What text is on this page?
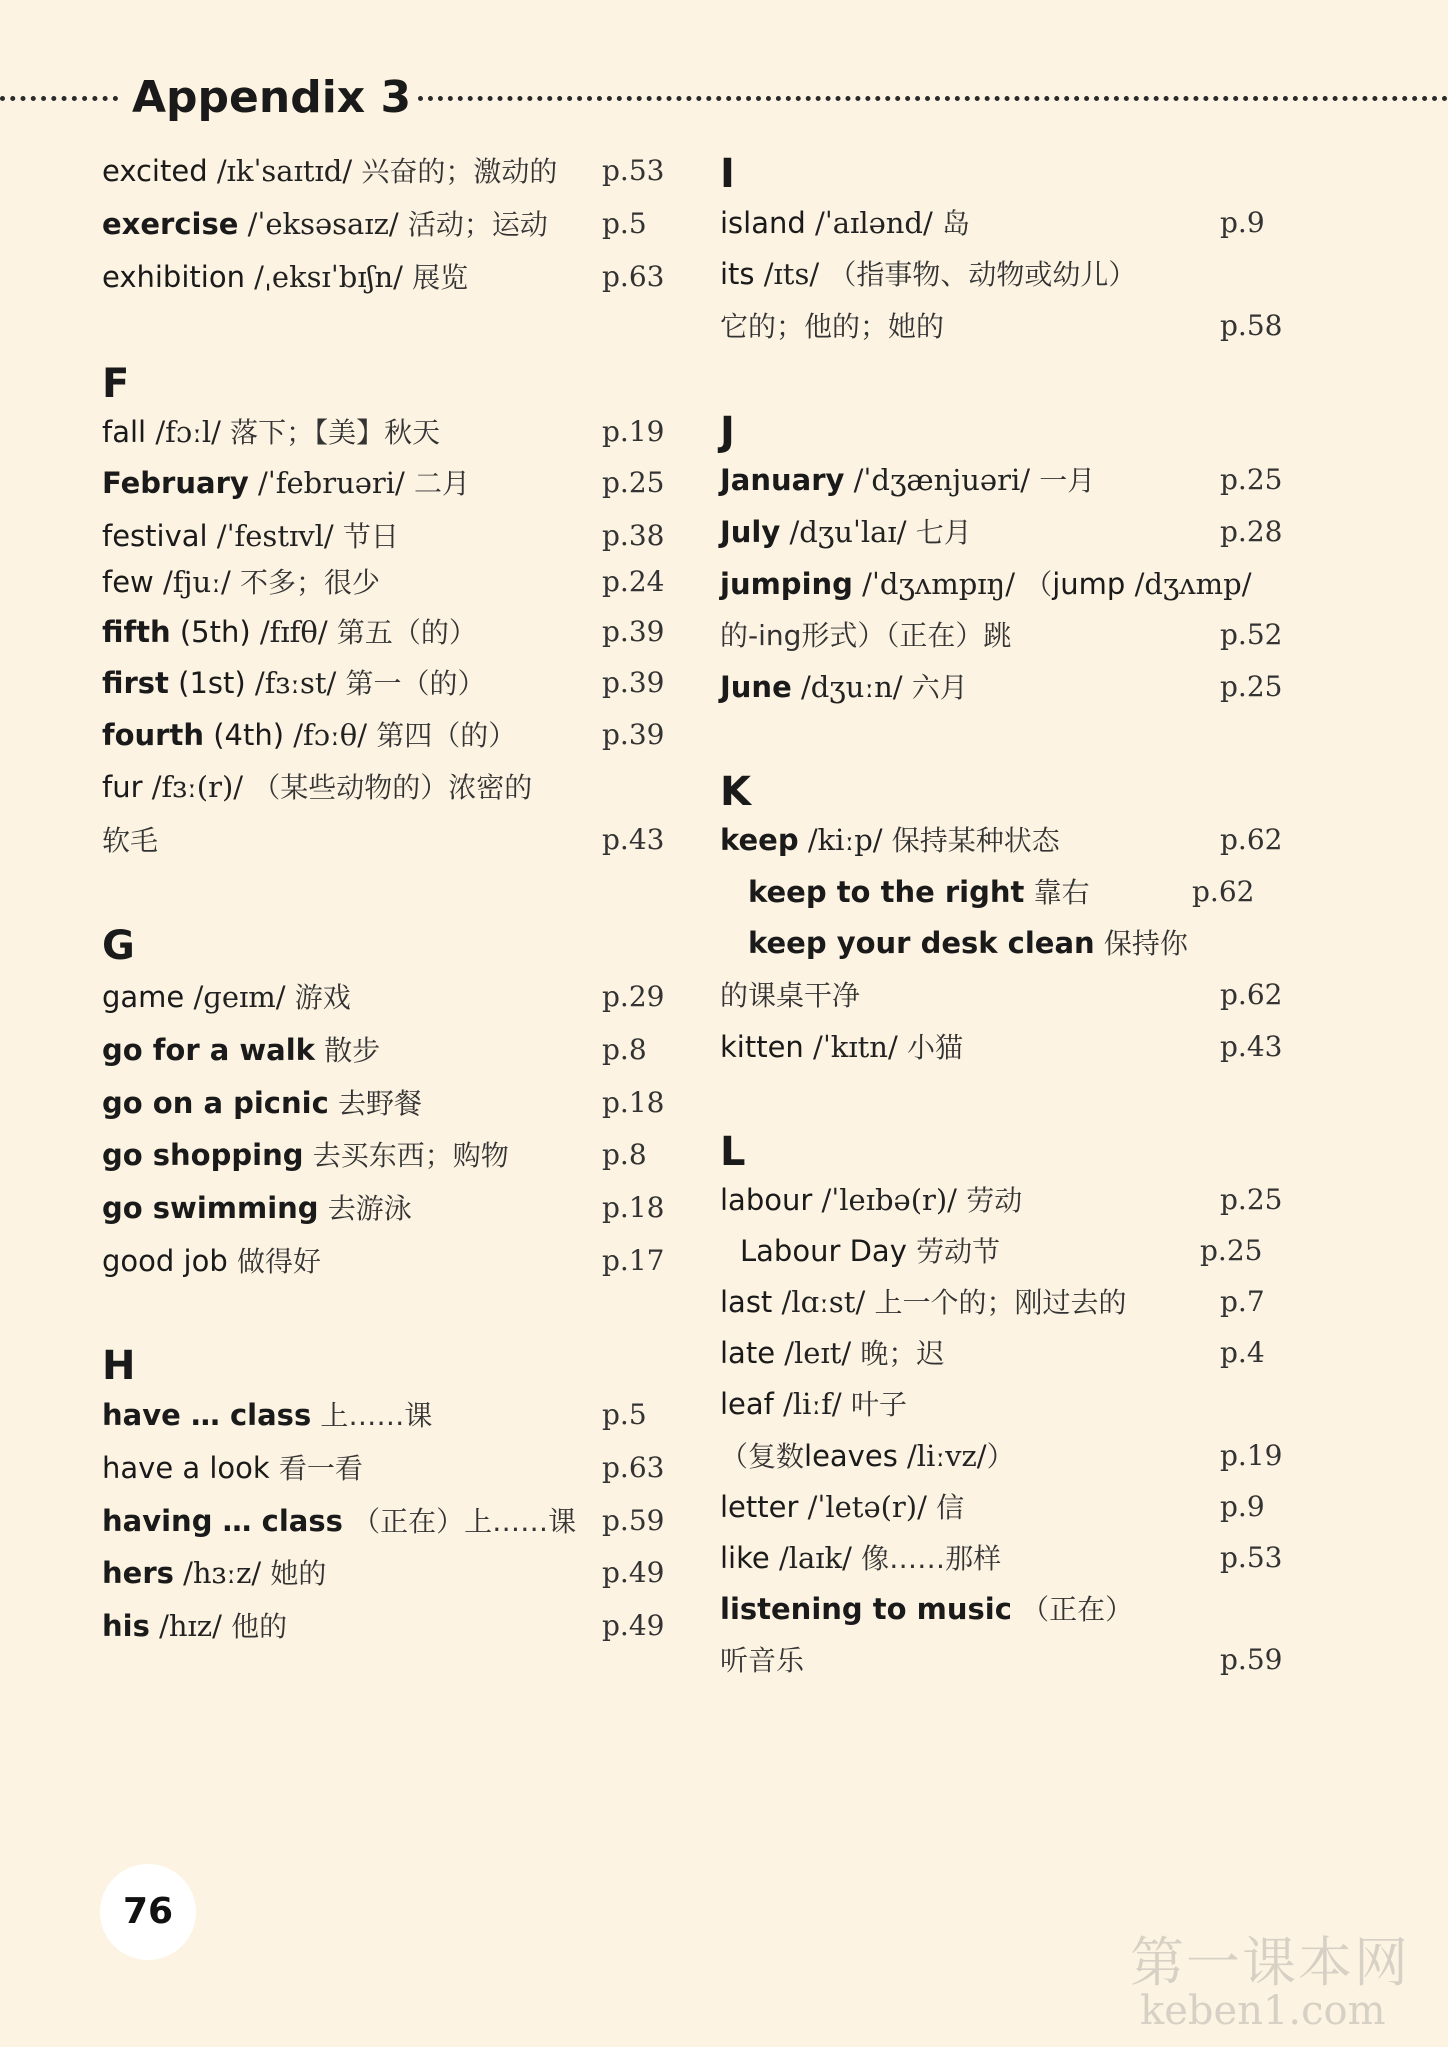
Appendix 3
excited /ɪkˈsaɪtɪd/ 兴奋的；激动的 p.53
exercise /ˈeksəsaɪz/ 活动；运动 p.5
exhibition /ˌeksɪˈbɪʃn/ 展览	p.63
F
fall /fɔːl/ 落下；【美】秋天	p.19
February /ˈfebruəri/ 二月	p.25
festival /ˈfestɪvl/ 节日	p.38
few /fjuː/ 不多；很少	p.24
fifth (5th) /fɪfθ/ 第五（的）	p.39
first (1st) /fɜːst/ 第一（的）	p.39
fourth (4th) /fɔːθ/ 第四（的）	p.39
fur /fɜː(r)/ （某些动物的）浓密的
软毛	p.43
G
game /ɡeɪm/ 游戏	p.29
go for a walk 散步	p.8
go on a picnic 去野餐	p.18
go shopping 去买东西；购物	p.8
go swimming 去游泳	p.18
good job 做得好	p.17
H
have … class 上……课	p.5
have a look 看一看	p.63
having … class （正在）上……课 p.59
hers /hɜːz/ 她的	p.49
his /hɪz/ 他的	p.49
I
island /ˈaɪlənd/ 岛	p.9
its /ɪts/ （指事物、动物或幼儿）
它的；他的；她的	p.58
J
January /ˈdʒænjuəri/ 一月	p.25
July /dʒuˈlaɪ/ 七月	p.28
jumping /ˈdʒʌmpɪŋ/ （jump /dʒʌmp/
的-ing形式）（正在）跳	p.52
June /dʒuːn/ 六月	p.25
K
keep /kiːp/ 保持某种状态	p.62
keep to the right 靠右	p.62
keep your desk clean 保持你
的课桌干净	p.62
kitten /ˈkɪtn/ 小猫	p.43
L
labour /ˈleɪbə(r)/ 劳动	p.25
Labour Day 劳动节	p.25
last /lɑːst/ 上一个的；刚过去的	p.7
late /leɪt/ 晚；迟	p.4
leaf /liːf/ 叶子
（复数leaves /liːvz/）	p.19
letter /ˈletə(r)/ 信	p.9
like /laɪk/ 像……那样	p.53
listening to music （正在）
听音乐	p.59
76
第一课本网
keben1.com
